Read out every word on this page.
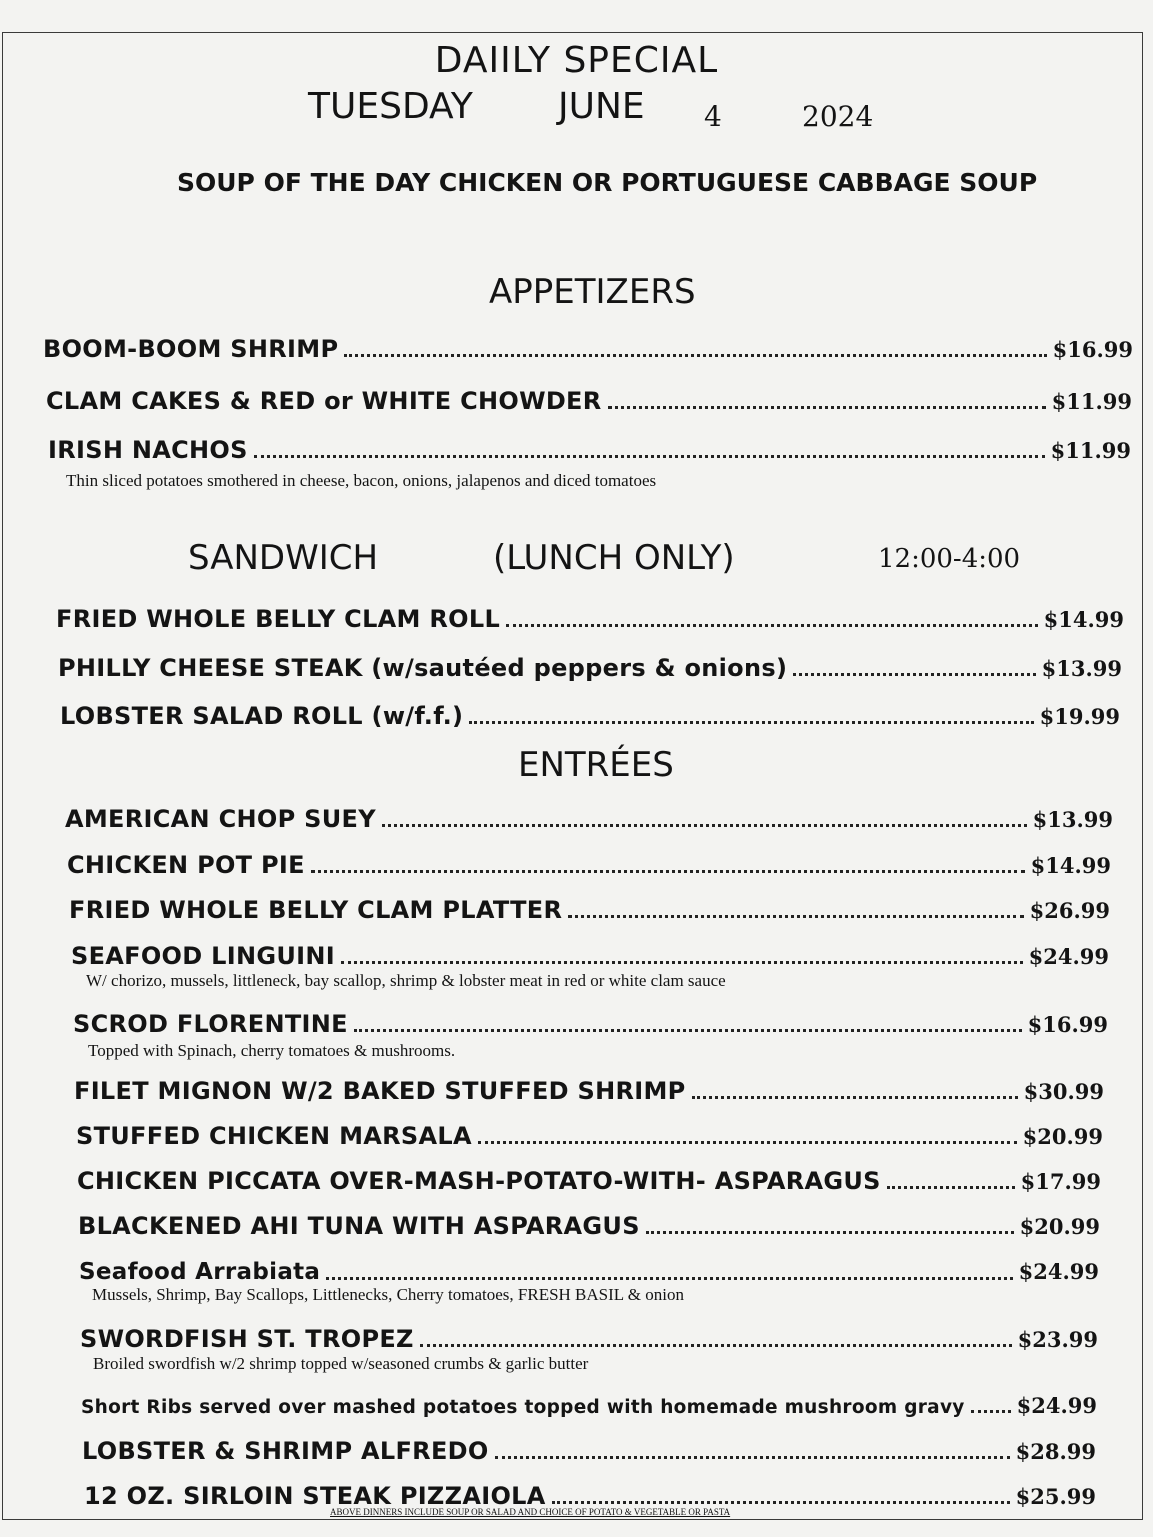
DAIILY SPECIAL
TUESDAY JUNE 4	2024
SOUP OF THE DAY CHICKEN OR PORTUGUESE CABBAGE SOUP
APPETIZERS
BOOM-BOOM SHRIMP	$16.99
CLAM CAKES & RED or WHITE CHOWDER	$11.99
IRISH NACHOS	$11.99
Thin sliced potatoes smothered in cheese, bacon, onions, jalapenos and diced tomatoes
SANDWICH	(LUNCH ONLY)	12:00-4:00
FRIED WHOLE BELLY CLAM ROLL	$14.99
PHILLY CHEESE STEAK (w/sautéed peppers & onions)	$13.99
LOBSTER SALAD ROLL (w/f.f.)	$19.99
ENTRÉES
AMERICAN CHOP SUEY	$13.99
CHICKEN POT PIE	$14.99
FRIED WHOLE BELLY CLAM PLATTER	$26.99
SEAFOOD LINGUINI	$24.99
W/ chorizo, mussels, littleneck, bay scallop, shrimp & lobster meat in red or white clam sauce
SCROD FLORENTINE	$16.99
Topped with Spinach, cherry tomatoes & mushrooms.
FILET MIGNON W/2 BAKED STUFFED SHRIMP	$30.99
STUFFED CHICKEN MARSALA	$20.99
CHICKEN PICCATA OVER-MASH-POTATO-WITH- ASPARAGUS	$17.99
BLACKENED AHI TUNA WITH ASPARAGUS	$20.99
Seafood Arrabiata	$24.99
Mussels, Shrimp, Bay Scallops, Littlenecks, Cherry tomatoes, FRESH BASIL & onion
SWORDFISH ST. TROPEZ	$23.99
Broiled swordfish w/2 shrimp topped w/seasoned crumbs & garlic butter
Short Ribs served over mashed potatoes topped with homemade mushroom gravy $24.99
LOBSTER & SHRIMP ALFREDO	$28.99
12 OZ. SIRLOIN STEAK PIZZAIOLA	$25.99
ABOVE DINNERS INCLUDE SOUP OR SALAD AND CHOICE OF POTATO & VEGETABLE OR PASTA
